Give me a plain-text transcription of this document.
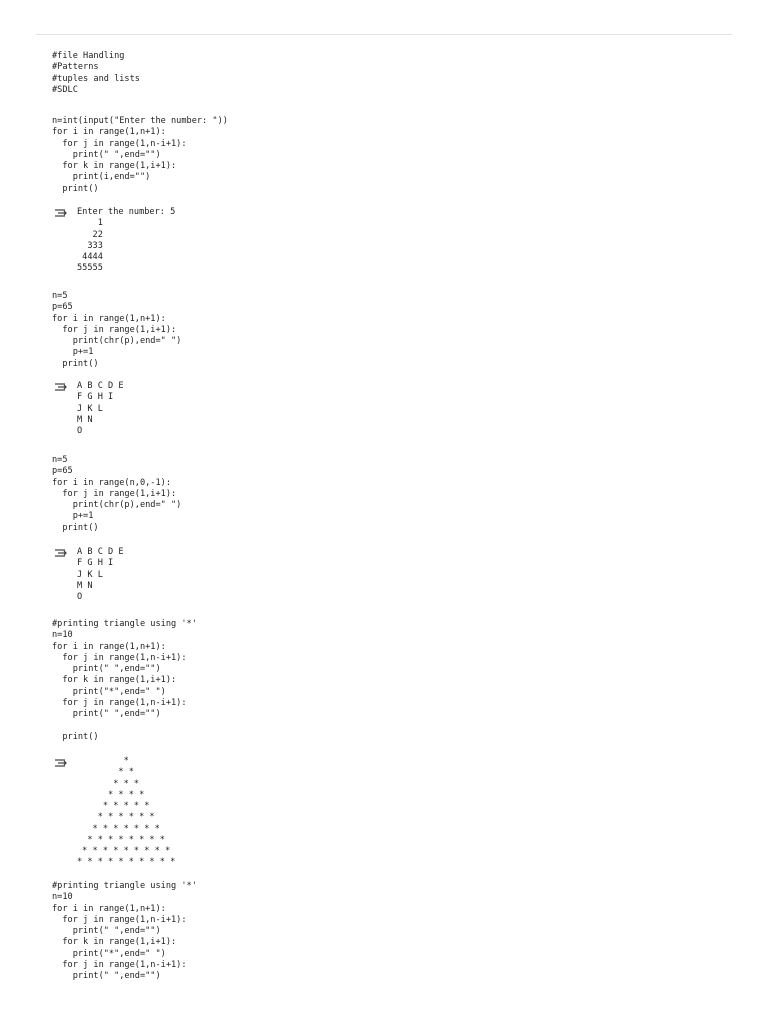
#file Handling
#Patterns
#tuples and lists
#SDLC
n=int(input("Enter the number: "))
for i in range(1,n+1):
for j in range(1,n-i+1):
print(" ",end="")
for k in range(1,i+1):
print(i,end="")
print()
Enter the number: 5
1
22
333
4444
55555
n=5
p=65
for i in range(1,n+1):
for j in range(1,i+1):
print(chr(p),end=" ")
p+=1
print()
A B C D E
F G H I
J K L
M N
O
n=5
p=65
for i in range(n,0,-1):
for j in range(1,i+1):
print(chr(p),end=" ")
p+=1
print()
A B C D E
F G H I
J K L
M N
O
#printing triangle using '*'
n=10
for i in range(1,n+1):
for j in range(1,n-i+1):
print(" ",end="")
for k in range(1,i+1):
print("*",end=" ")
for j in range(1,n-i+1):
print(" ",end="")

print()
*
* *
* * *
* * * *
* * * * *
* * * * * *
* * * * * * *
* * * * * * * *
* * * * * * * * *
* * * * * * * * * *
#printing triangle using '*'
n=10
for i in range(1,n+1):
for j in range(1,n-i+1):
print(" ",end="")
for k in range(1,i+1):
print("*",end=" ")
for j in range(1,n-i+1):
print(" ",end="")
